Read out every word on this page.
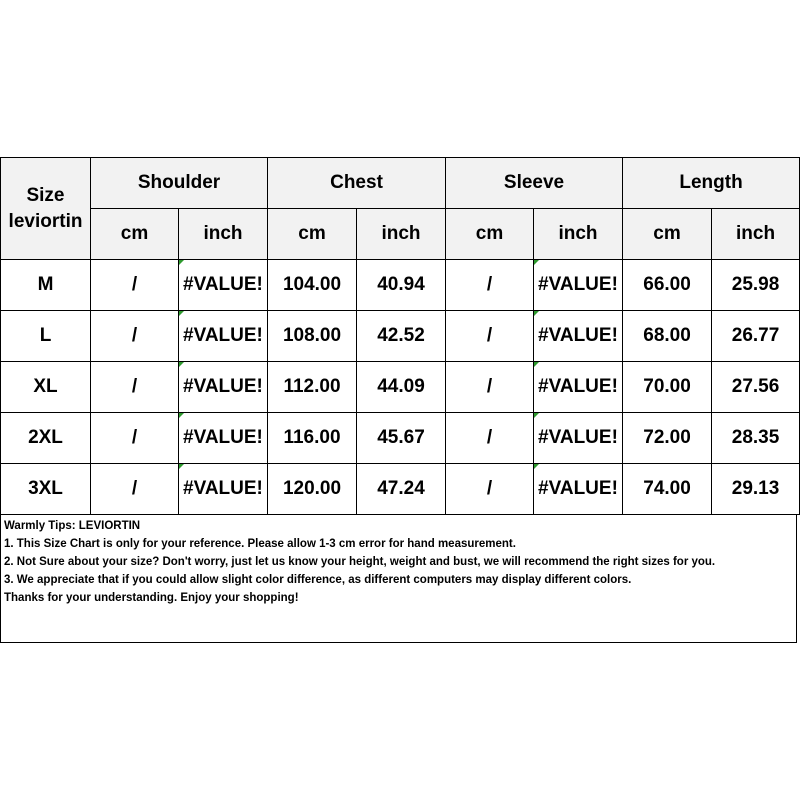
Size
leviortin	Shoulder		Chest		Sleeve		Length	
	cm	inch	cm	inch	cm	inch	cm	inch
M	/	#VALUE!	104.00	40.94	/	#VALUE!	66.00	25.98
L	/	#VALUE!	108.00	42.52	/	#VALUE!	68.00	26.77
XL	/	#VALUE!	112.00	44.09	/	#VALUE!	70.00	27.56
2XL	/	#VALUE!	116.00	45.67	/	#VALUE!	72.00	28.35
3XL	/	#VALUE!	120.00	47.24	/	#VALUE!	74.00	29.13
Warmly Tips: LEVIORTIN
1. This Size Chart is only for your reference. Please allow 1-3 cm error for hand measurement.
2. Not Sure about your size? Don't worry, just let us know your height, weight and bust, we will recommend the right sizes for you.
3. We appreciate that if you could allow slight color difference, as different computers may display different colors.
Thanks for your understanding. Enjoy your shopping!
